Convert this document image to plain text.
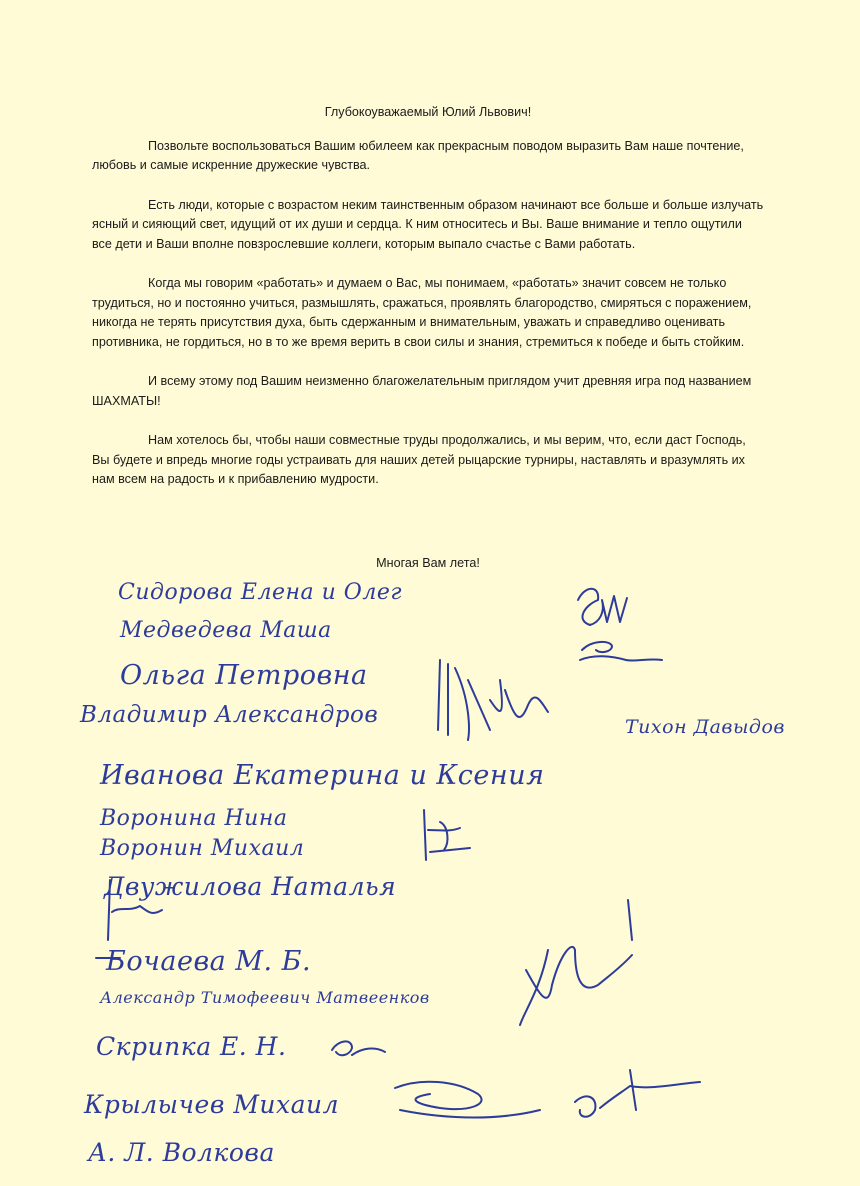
Глубокоуважаемый Юлий Львович!

Позвольте воспользоваться Вашим юбилеем как прекрасным поводом выразить Вам наше почтение, любовь и самые искренние дружеские чувства.

Есть люди, которые с возрастом неким таинственным образом начинают все больше и больше излучать ясный и сияющий свет, идущий от их души и сердца. К ним относитесь и Вы. Ваше внимание и тепло ощутили все дети и Ваши вполне повзрослевшие коллеги, которым выпало счастье с Вами работать.

Когда мы говорим «работать» и думаем о Вас, мы понимаем, «работать» значит совсем не только трудиться, но и постоянно учиться, размышлять, сражаться, проявлять благородство, смиряться с поражением, никогда не терять присутствия духа, быть сдержанным и внимательным, уважать и справедливо оценивать противника, не гордиться, но в то же время верить в свои силы и знания, стремиться к победе и быть стойким.

И всему этому под Вашим неизменно благожелательным приглядом учит древняя игра под названием ШАХМАТЫ!

Нам хотелось бы, чтобы наши совместные труды продолжались, и мы верим, что, если даст Господь, Вы будете и впредь многие годы устраивать для наших детей рыцарские турниры, наставлять и вразумлять их нам всем на радость и к прибавлению мудрости.

Многая Вам лета!

Сидорова Елена и Олег
Медведева Маша
Ольга Петровна
Владимир Александров	Тихон Давыдов
Иванова Екатерина и Ксения
Воронина Нина
Воронин Михаил
Двужилова Наталья
Бочаева М. Б.
Александр Тимофеевич Матвеенков
Скрипка Е. Н.
Крылычев Михаил
А. Л. Волкова
